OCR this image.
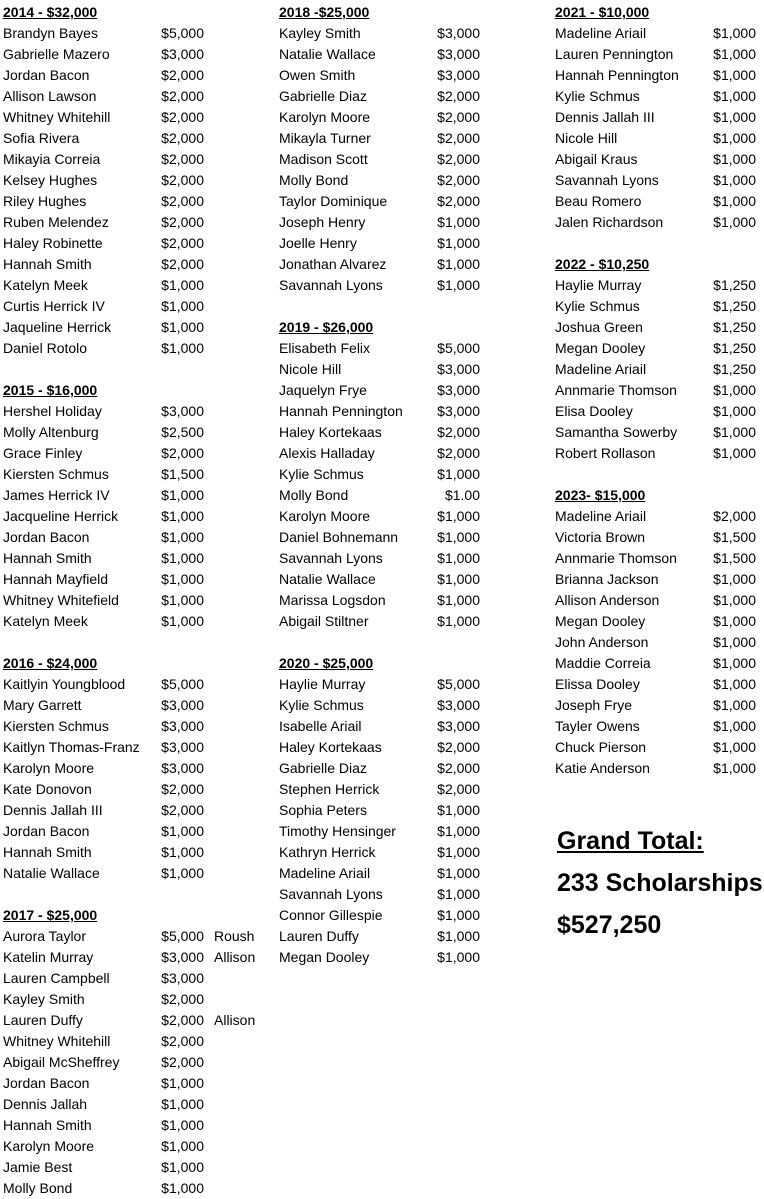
2014 - $32,000
Brandyn Bayes	$5,000
Gabrielle Mazero	$3,000
Jordan Bacon	$2,000
Allison Lawson	$2,000
Whitney Whitehill	$2,000
Sofia Rivera	$2,000
Mikayia Correia	$2,000
Kelsey Hughes	$2,000
Riley Hughes	$2,000
Ruben Melendez	$2,000
Haley Robinette	$2,000
Hannah Smith	$2,000
Katelyn Meek	$1,000
Curtis Herrick IV	$1,000
Jaqueline Herrick	$1,000
Daniel Rotolo	$1,000
2015 - $16,000
Hershel Holiday	$3,000
Molly Altenburg	$2,500
Grace Finley	$2,000
Kiersten Schmus	$1,500
James Herrick IV	$1,000
Jacqueline Herrick	$1,000
Jordan Bacon	$1,000
Hannah Smith	$1,000
Hannah Mayfield	$1,000
Whitney Whitefield	$1,000
Katelyn Meek	$1,000
2016 - $24,000
Kaitlyin Youngblood	$5,000
Mary Garrett	$3,000
Kiersten Schmus	$3,000
Kaitlyn Thomas-Franz $3,000
Karolyn Moore	$3,000
Kate Donovon	$2,000
Dennis Jallah III	$2,000
Jordan Bacon	$1,000
Hannah Smith	$1,000
Natalie Wallace	$1,000
2017 - $25,000
Aurora Taylor	$5,000 Roush
Katelin Murray	$3,000 Allison
Lauren Campbell	$3,000
Kayley Smith	$2,000
Lauren Duffy	$2,000 Allison
Whitney Whitehill	$2,000
Abigail McSheffrey	$2,000
Jordan Bacon	$1,000
Dennis Jallah	$1,000
Hannah Smith	$1,000
Karolyn Moore	$1,000
Jamie Best	$1,000
Molly Bond	$1,000
2018 -$25,000
Kayley Smith	$3,000
Natalie Wallace	$3,000
Owen Smith	$3,000
Gabrielle Diaz	$2,000
Karolyn Moore	$2,000
Mikayla Turner	$2,000
Madison Scott	$2,000
Molly Bond	$2,000
Taylor Dominique	$2,000
Joseph Henry	$1,000
Joelle Henry	$1,000
Jonathan Alvarez	$1,000
Savannah Lyons	$1,000
2019 - $26,000
Elisabeth Felix	$5,000
Nicole Hill	$3,000
Jaquelyn Frye	$3,000
Hannah Pennington $3,000
Haley Kortekaas	$2,000
Alexis Halladay	$2,000
Kylie Schmus	$1,000
Molly Bond	$1.00
Karolyn Moore	$1,000
Daniel Bohnemann	$1,000
Savannah Lyons	$1,000
Natalie Wallace	$1,000
Marissa Logsdon	$1,000
Abigail Stiltner	$1,000
2020 - $25,000
Haylie Murray	$5,000
Kylie Schmus	$3,000
Isabelle Ariail	$3,000
Haley Kortekaas	$2,000
Gabrielle Diaz	$2,000
Stephen Herrick	$2,000
Sophia Peters	$1,000
Timothy Hensinger	$1,000
Kathryn Herrick	$1,000
Madeline Ariail	$1,000
Savannah Lyons	$1,000
Connor Gillespie	$1,000
Lauren Duffy	$1,000
Megan Dooley	$1,000
2021 - $10,000
Madeline Ariail	$1,000
Lauren Pennington	$1,000
Hannah Pennington $1,000
Kylie Schmus	$1,000
Dennis Jallah III	$1,000
Nicole Hill	$1,000
Abigail Kraus	$1,000
Savannah Lyons	$1,000
Beau Romero	$1,000
Jalen Richardson	$1,000
2022 - $10,250
Haylie Murray	$1,250
Kylie Schmus	$1,250
Joshua Green	$1,250
Megan Dooley	$1,250
Madeline Ariail	$1,250
Annmarie Thomson	$1,000
Elisa Dooley	$1,000
Samantha Sowerby	$1,000
Robert Rollason	$1,000
2023- $15,000
Madeline Ariail	$2,000
Victoria Brown	$1,500
Annmarie Thomson	$1,500
Brianna Jackson	$1,000
Allison Anderson	$1,000
Megan Dooley	$1,000
John Anderson	$1,000
Maddie Correia	$1,000
Elissa Dooley	$1,000
Joseph Frye	$1,000
Tayler Owens	$1,000
Chuck Pierson	$1,000
Katie Anderson	$1,000
Grand Total:
233 Scholarships
$527,250
